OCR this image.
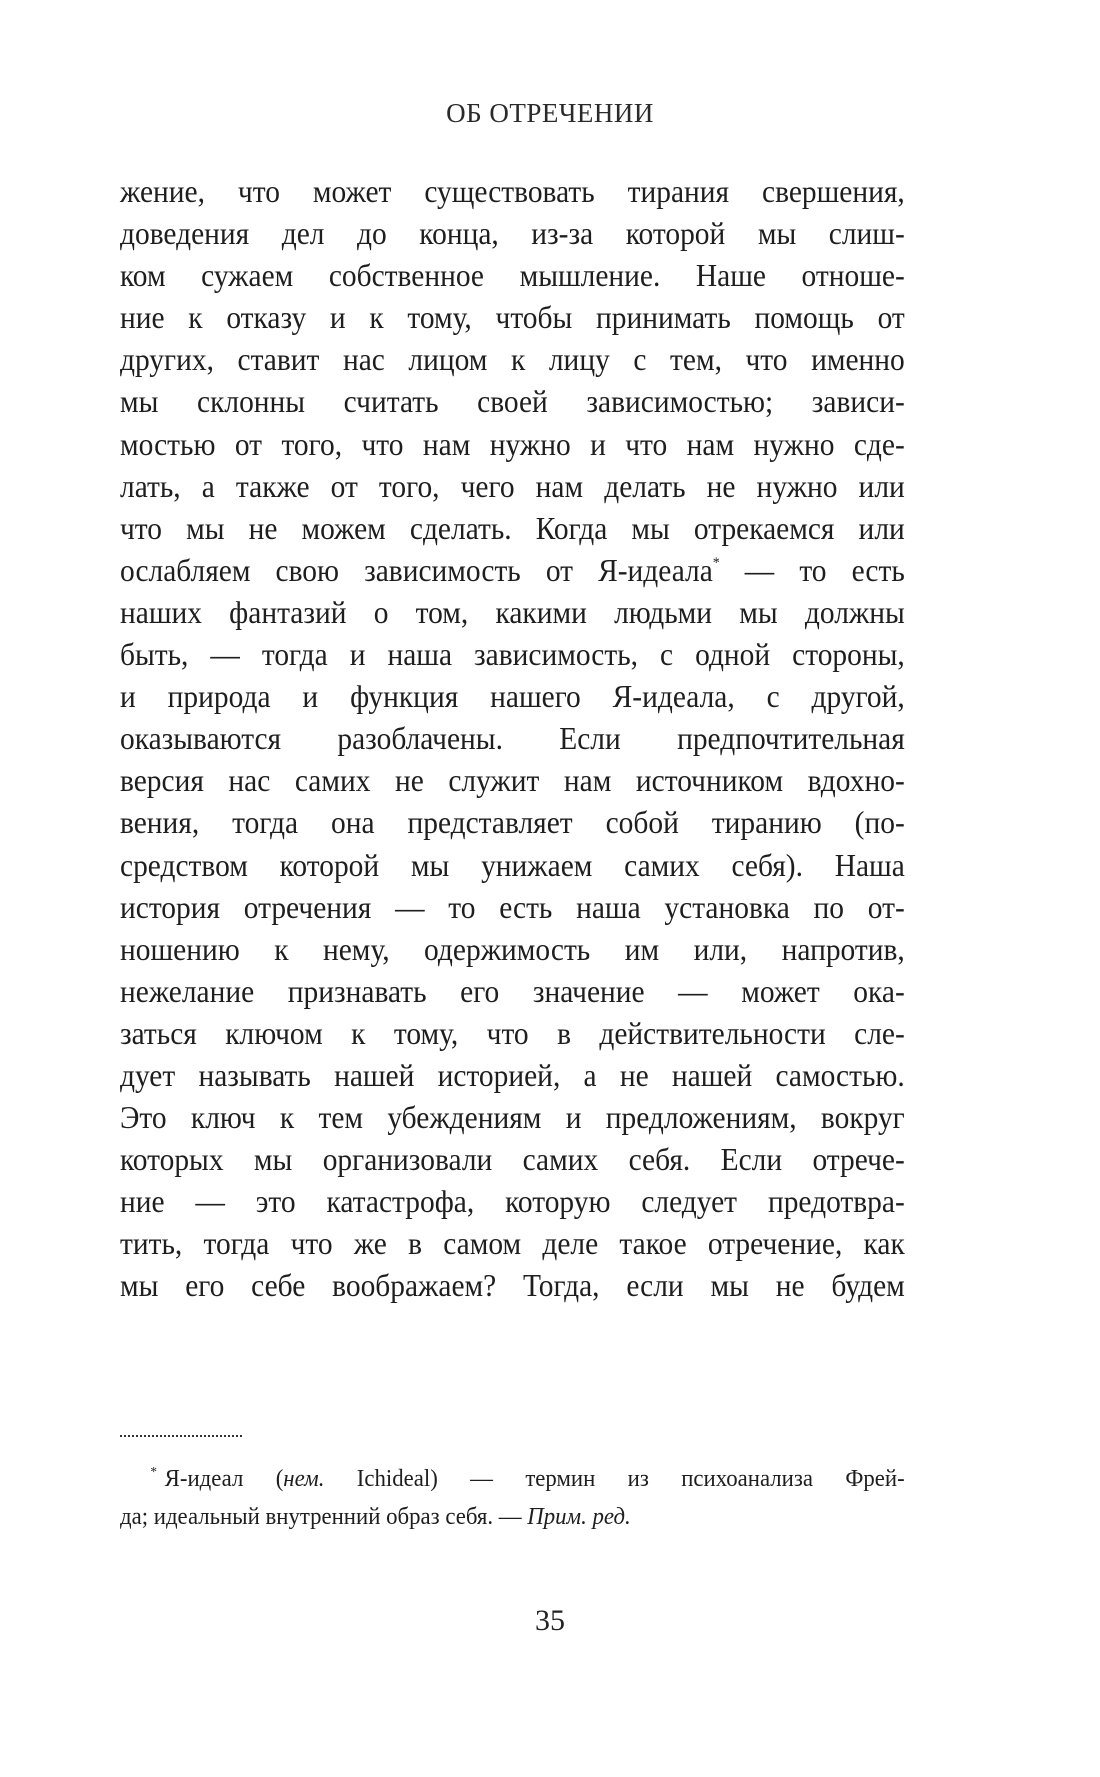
ОБ ОТРЕЧЕНИИ
жение, что может существовать тирания свершения,
доведения дел до конца, из-за которой мы слиш-
ком сужаем собственное мышление. Наше отноше-
ние к отказу и к тому, чтобы принимать помощь от
других, ставит нас лицом к лицу с тем, что именно
мы склонны считать своей зависимостью; зависи-
мостью от того, что нам нужно и что нам нужно сде-
лать, а также от того, чего нам делать не нужно или
что мы не можем сделать. Когда мы отрекаемся или
ослабляем свою зависимость от Я-идеала* — то есть
наших фантазий о том, какими людьми мы должны
быть, — тогда и наша зависимость, с одной стороны,
и природа и функция нашего Я-идеала, с другой,
оказываются разоблачены. Если предпочтительная
версия нас самих не служит нам источником вдохно-
вения, тогда она представляет собой тиранию (по-
средством которой мы унижаем самих себя). Наша
история отречения — то есть наша установка по от-
ношению к нему, одержимость им или, напротив,
нежелание признавать его значение — может ока-
заться ключом к тому, что в действительности сле-
дует называть нашей историей, а не нашей самостью.
Это ключ к тем убеждениям и предложениям, вокруг
которых мы организовали самих себя. Если отрече-
ние — это катастрофа, которую следует предотвра-
тить, тогда что же в самом деле такое отречение, как
мы его себе воображаем? Тогда, если мы не будем
* Я-идеал (нем. Ichideal) — термин из психоанализа Фрей-
да; идеальный внутренний образ себя. — Прим. ред.
35
